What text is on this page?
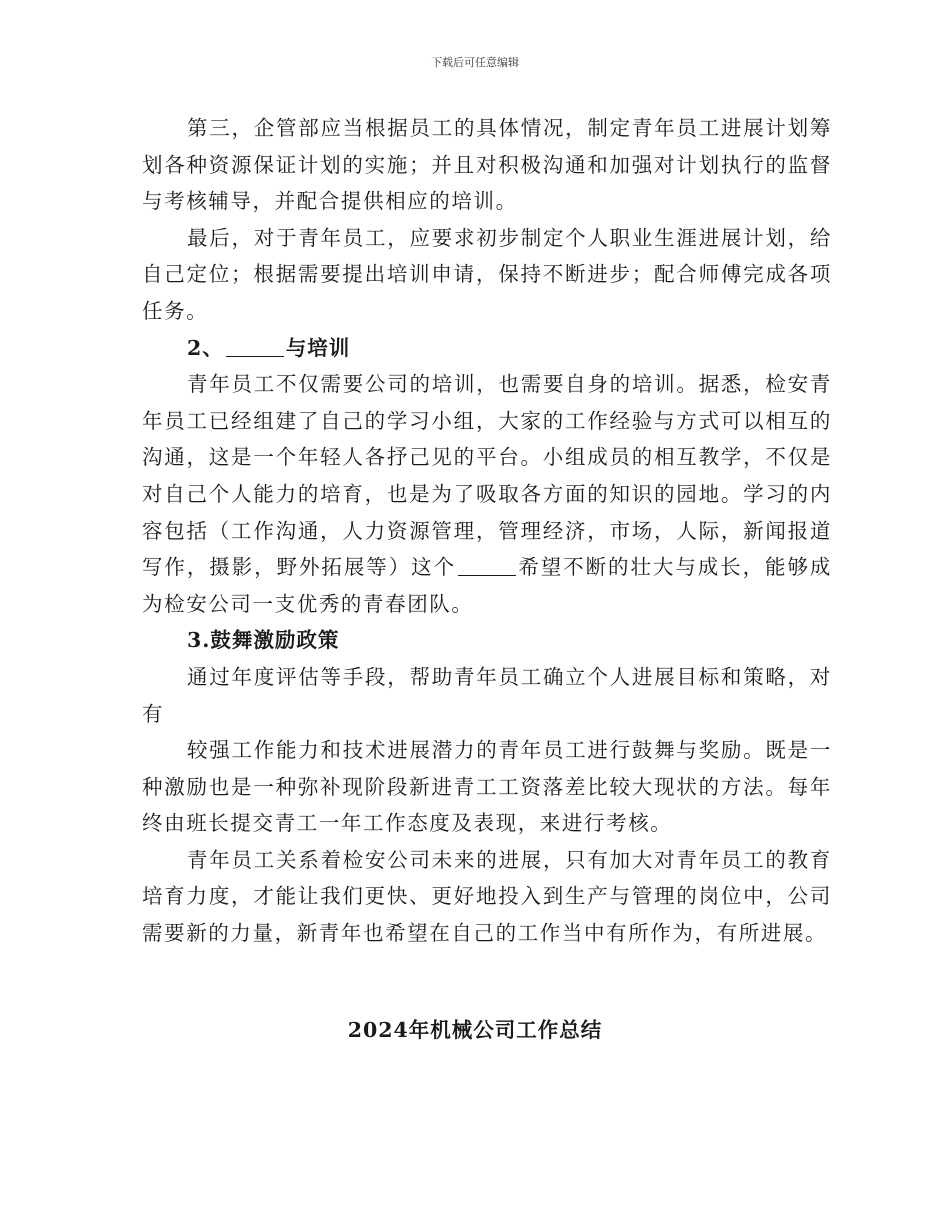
下载后可任意编辑

第三，企管部应当根据员工的具体情况，制定青年员工进展计划筹划各种资源保证计划的实施；并且对积极沟通和加强对计划执行的监督与考核辅导，并配合提供相应的培训。

最后，对于青年员工，应要求初步制定个人职业生涯进展计划，给自己定位；根据需要提出培训申请，保持不断进步；配合师傅完成各项任务。

2、	与培训

青年员工不仅需要公司的培训，也需要自身的培训。据悉，检安青年员工已经组建了自己的学习小组，大家的工作经验与方式可以相互的沟通，这是一个年轻人各抒己见的平台。小组成员的相互教学，不仅是对自己个人能力的培育，也是为了吸取各方面的知识的园地。学习的内容包括（工作沟通，人力资源管理，管理经济，市场，人际，新闻报道写作，摄影，野外拓展等）这个	希望不断的壮大与成长，能够成为检安公司一支优秀的青春团队。

3.鼓舞激励政策

通过年度评估等手段，帮助青年员工确立个人进展目标和策略，对有

较强工作能力和技术进展潜力的青年员工进行鼓舞与奖励。既是一种激励也是一种弥补现阶段新进青工工资落差比较大现状的方法。每年终由班长提交青工一年工作态度及表现，来进行考核。

青年员工关系着检安公司未来的进展，只有加大对青年员工的教育培育力度，才能让我们更快、更好地投入到生产与管理的岗位中，公司需要新的力量，新青年也希望在自己的工作当中有所作为，有所进展。

2024年机械公司工作总结
